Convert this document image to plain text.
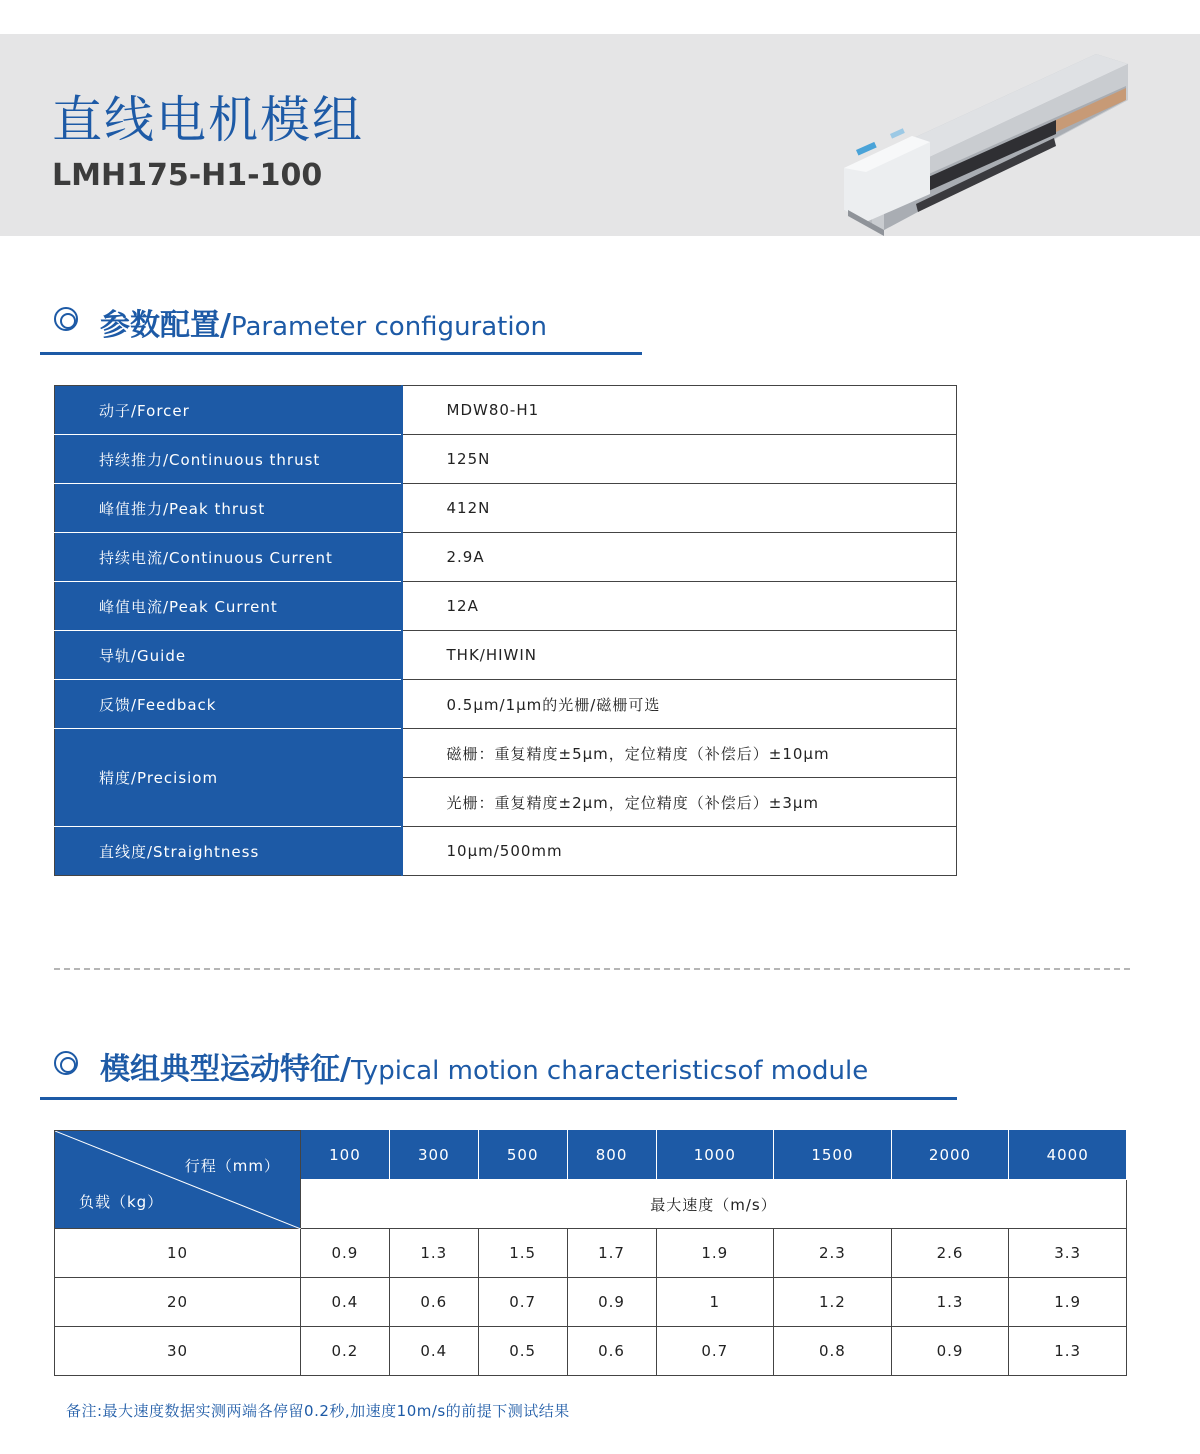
直线电机模组
LMH175-H1-100
参数配置/Parameter configuration
动子/Forcer	MDW80-H1
持续推力/Continuous thrust	125N
峰值推力/Peak thrust	412N
持续电流/Continuous Current	2.9A
峰值电流/Peak Current	12A
导轨/Guide	THK/HIWIN
反馈/Feedback	0.5μm/1μm的光栅/磁栅可选
精度/Precisiom	磁栅：重复精度±5μm，定位精度（补偿后）±10μm
	光栅：重复精度±2μm，定位精度（补偿后）±3μm
直线度/Straightness	10μm/500mm
模组典型运动特征/Typical motion characteristicsof module
行程（mm）
负载（kg）	100	300	500	800	1000	1500	2000	4000
	最大速度（m/s）							
10	0.9	1.3	1.5	1.7	1.9	2.3	2.6	3.3
20	0.4	0.6	0.7	0.9	1	1.2	1.3	1.9
30	0.2	0.4	0.5	0.6	0.7	0.8	0.9	1.3
备注:最大速度数据实测两端各停留0.2秒,加速度10m/s的前提下测试结果
